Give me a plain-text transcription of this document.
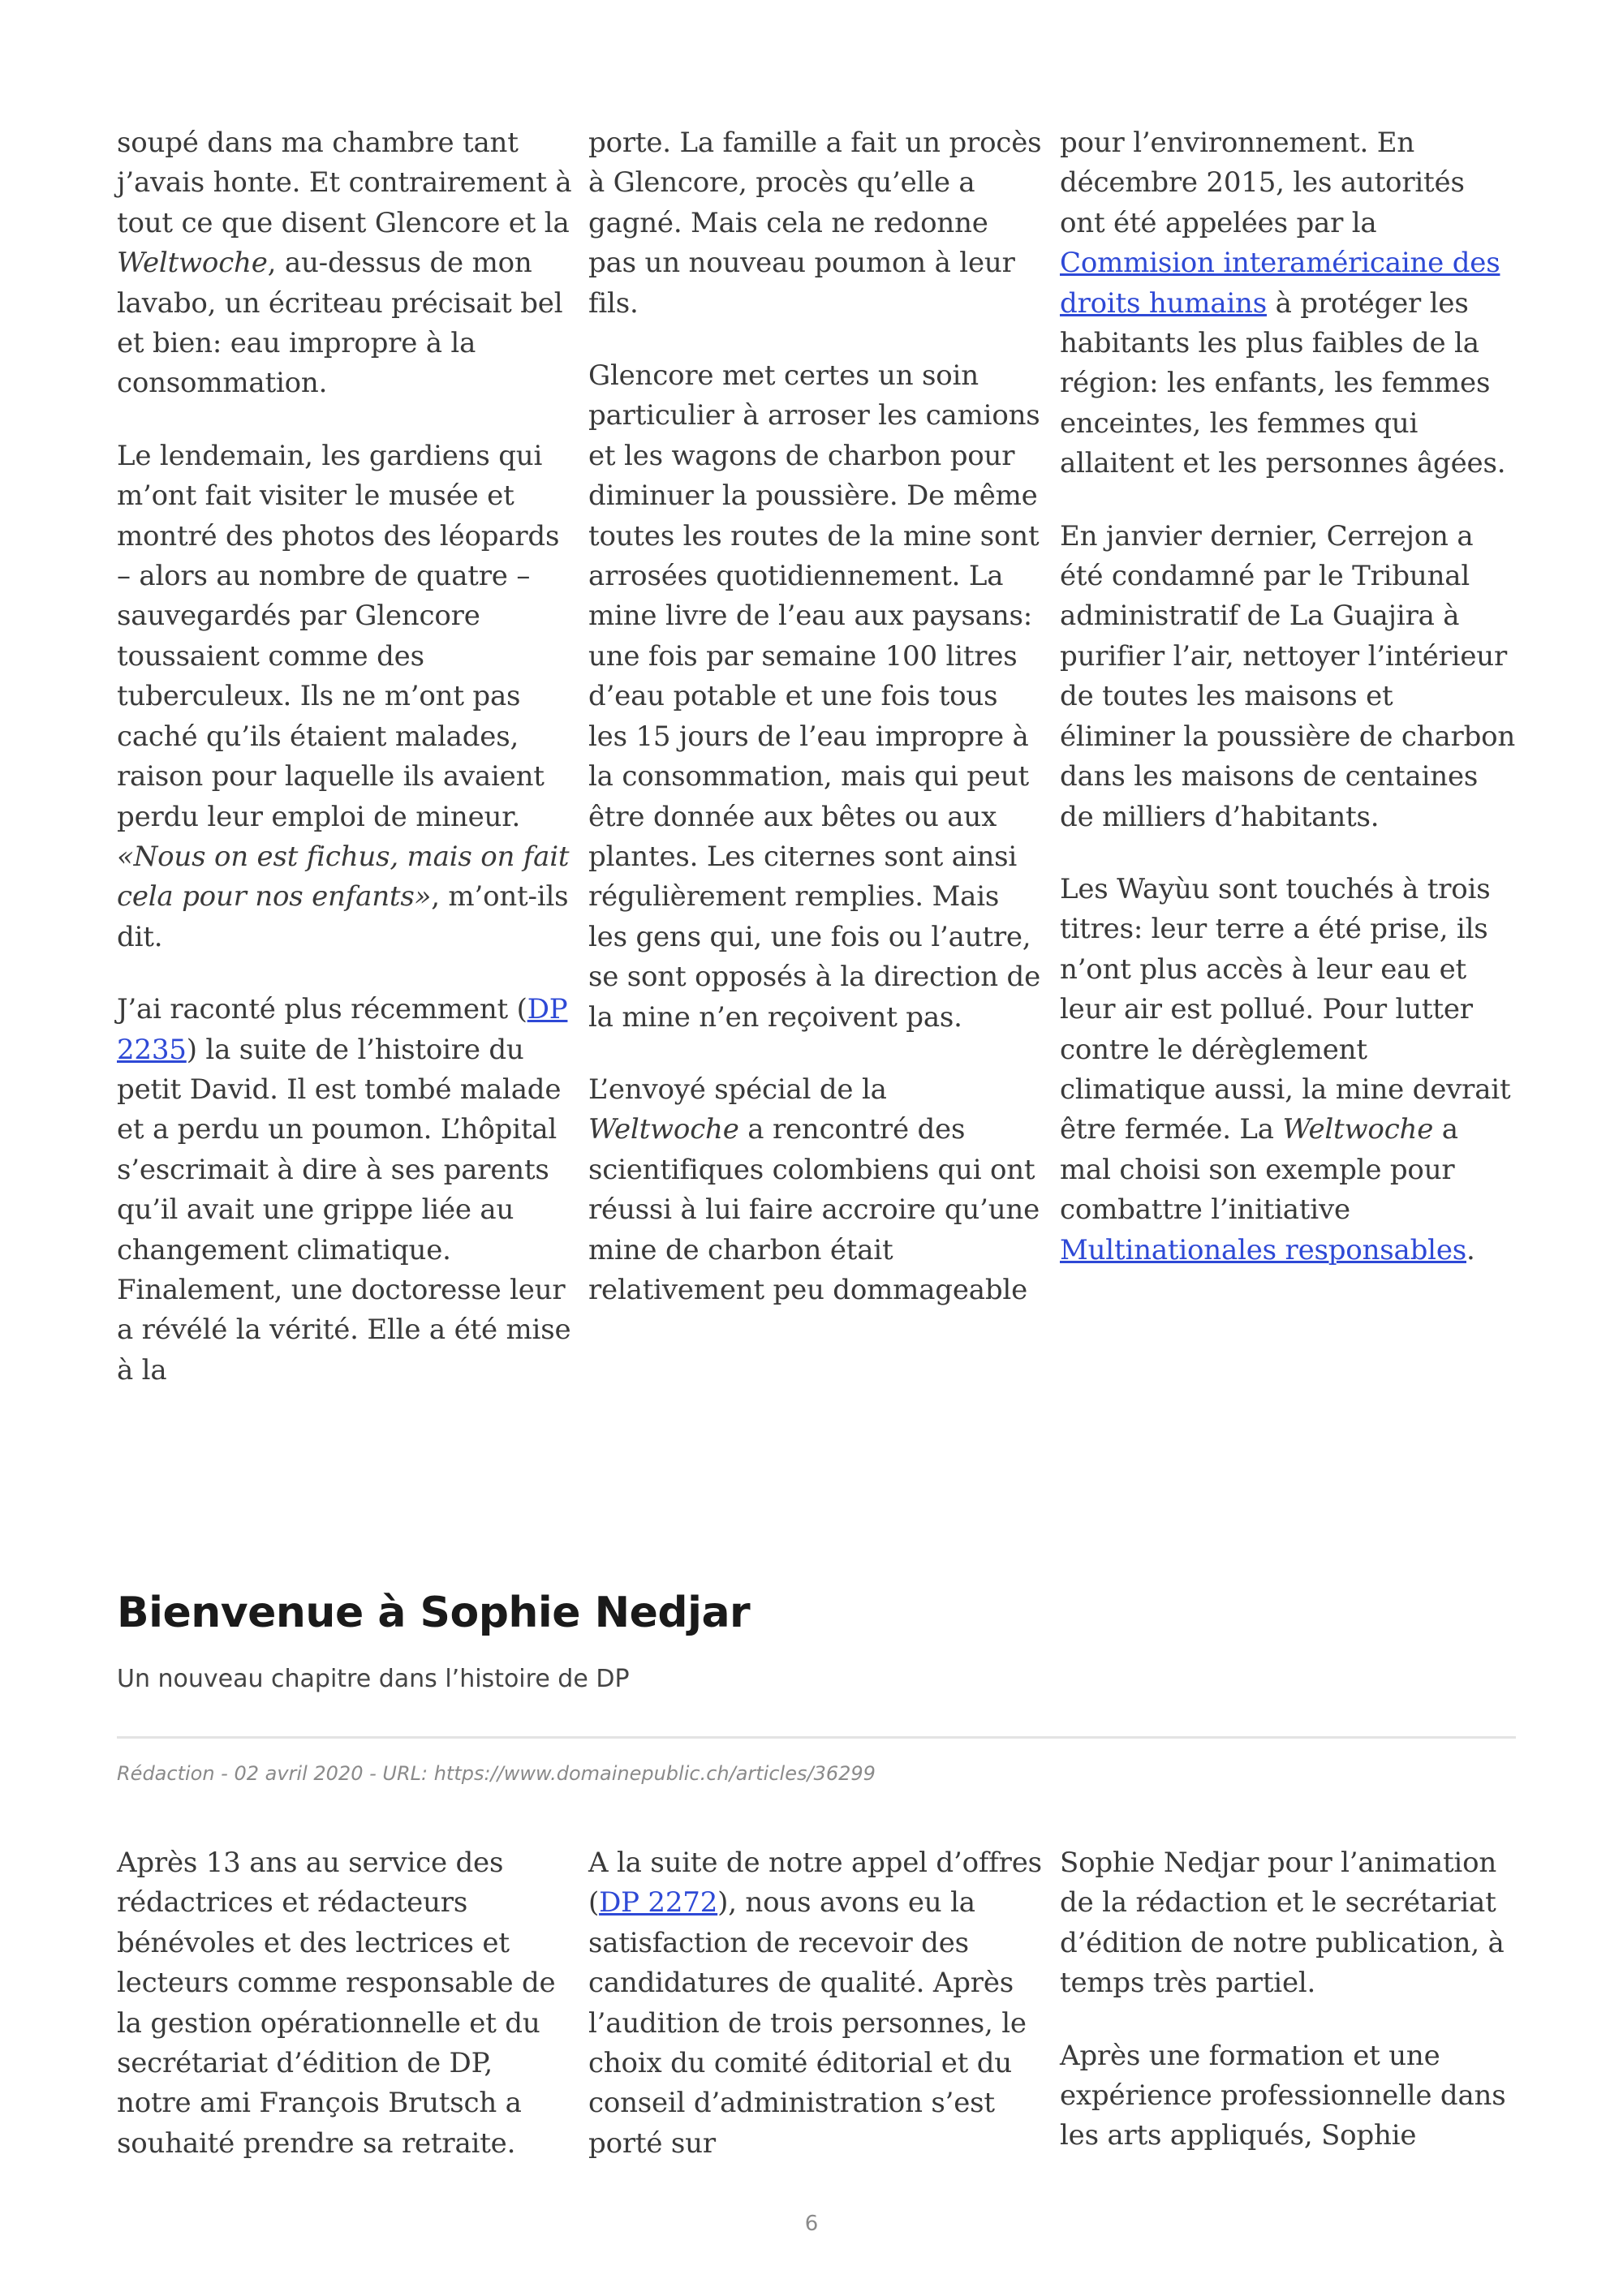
soupé dans ma chambre tant j’avais honte. Et contrairement à tout ce que disent Glencore et la Weltwoche, au-dessus de mon lavabo, un écriteau précisait bel et bien: eau impropre à la consommation.

Le lendemain, les gardiens qui m’ont fait visiter le musée et montré des photos des léopards – alors au nombre de quatre – sauvegardés par Glencore toussaient comme des tuberculeux. Ils ne m’ont pas caché qu’ils étaient malades, raison pour laquelle ils avaient perdu leur emploi de mineur. «Nous on est fichus, mais on fait cela pour nos enfants», m’ont-ils dit.

J’ai raconté plus récemment (DP 2235) la suite de l’histoire du petit David. Il est tombé malade et a perdu un poumon. L’hôpital s’escrimait à dire à ses parents qu’il avait une grippe liée au changement climatique. Finalement, une doctoresse leur a révélé la vérité. Elle a été mise à la

porte. La famille a fait un procès à Glencore, procès qu’elle a gagné. Mais cela ne redonne pas un nouveau poumon à leur fils.

Glencore met certes un soin particulier à arroser les camions et les wagons de charbon pour diminuer la poussière. De même toutes les routes de la mine sont arrosées quotidiennement. La mine livre de l’eau aux paysans: une fois par semaine 100 litres d’eau potable et une fois tous les 15 jours de l’eau impropre à la consommation, mais qui peut être donnée aux bêtes ou aux plantes. Les citernes sont ainsi régulièrement remplies. Mais les gens qui, une fois ou l’autre, se sont opposés à la direction de la mine n’en reçoivent pas.

L’envoyé spécial de la Weltwoche a rencontré des scientifiques colombiens qui ont réussi à lui faire accroire qu’une mine de charbon était relativement peu dommageable

pour l’environnement. En décembre 2015, les autorités ont été appelées par la Commision interaméricaine des droits humains à protéger les habitants les plus faibles de la région: les enfants, les femmes enceintes, les femmes qui allaitent et les personnes âgées.

En janvier dernier, Cerrejon a été condamné par le Tribunal administratif de La Guajira à purifier l’air, nettoyer l’intérieur de toutes les maisons et éliminer la poussière de charbon dans les maisons de centaines de milliers d’habitants.

Les Wayùu sont touchés à trois titres: leur terre a été prise, ils n’ont plus accès à leur eau et leur air est pollué. Pour lutter contre le dérèglement climatique aussi, la mine devrait être fermée. La Weltwoche a mal choisi son exemple pour combattre l’initiative Multinationales responsables.

Bienvenue à Sophie Nedjar

Un nouveau chapitre dans l’histoire de DP

Rédaction - 02 avril 2020 - URL: https://www.domainepublic.ch/articles/36299

Après 13 ans au service des rédactrices et rédacteurs bénévoles et des lectrices et lecteurs comme responsable de la gestion opérationnelle et du secrétariat d’édition de DP, notre ami François Brutsch a souhaité prendre sa retraite.

A la suite de notre appel d’offres (DP 2272), nous avons eu la satisfaction de recevoir des candidatures de qualité. Après l’audition de trois personnes, le choix du comité éditorial et du conseil d’administration s’est porté sur

Sophie Nedjar pour l’animation de la rédaction et le secrétariat d’édition de notre publication, à temps très partiel.

Après une formation et une expérience professionnelle dans les arts appliqués, Sophie

6
